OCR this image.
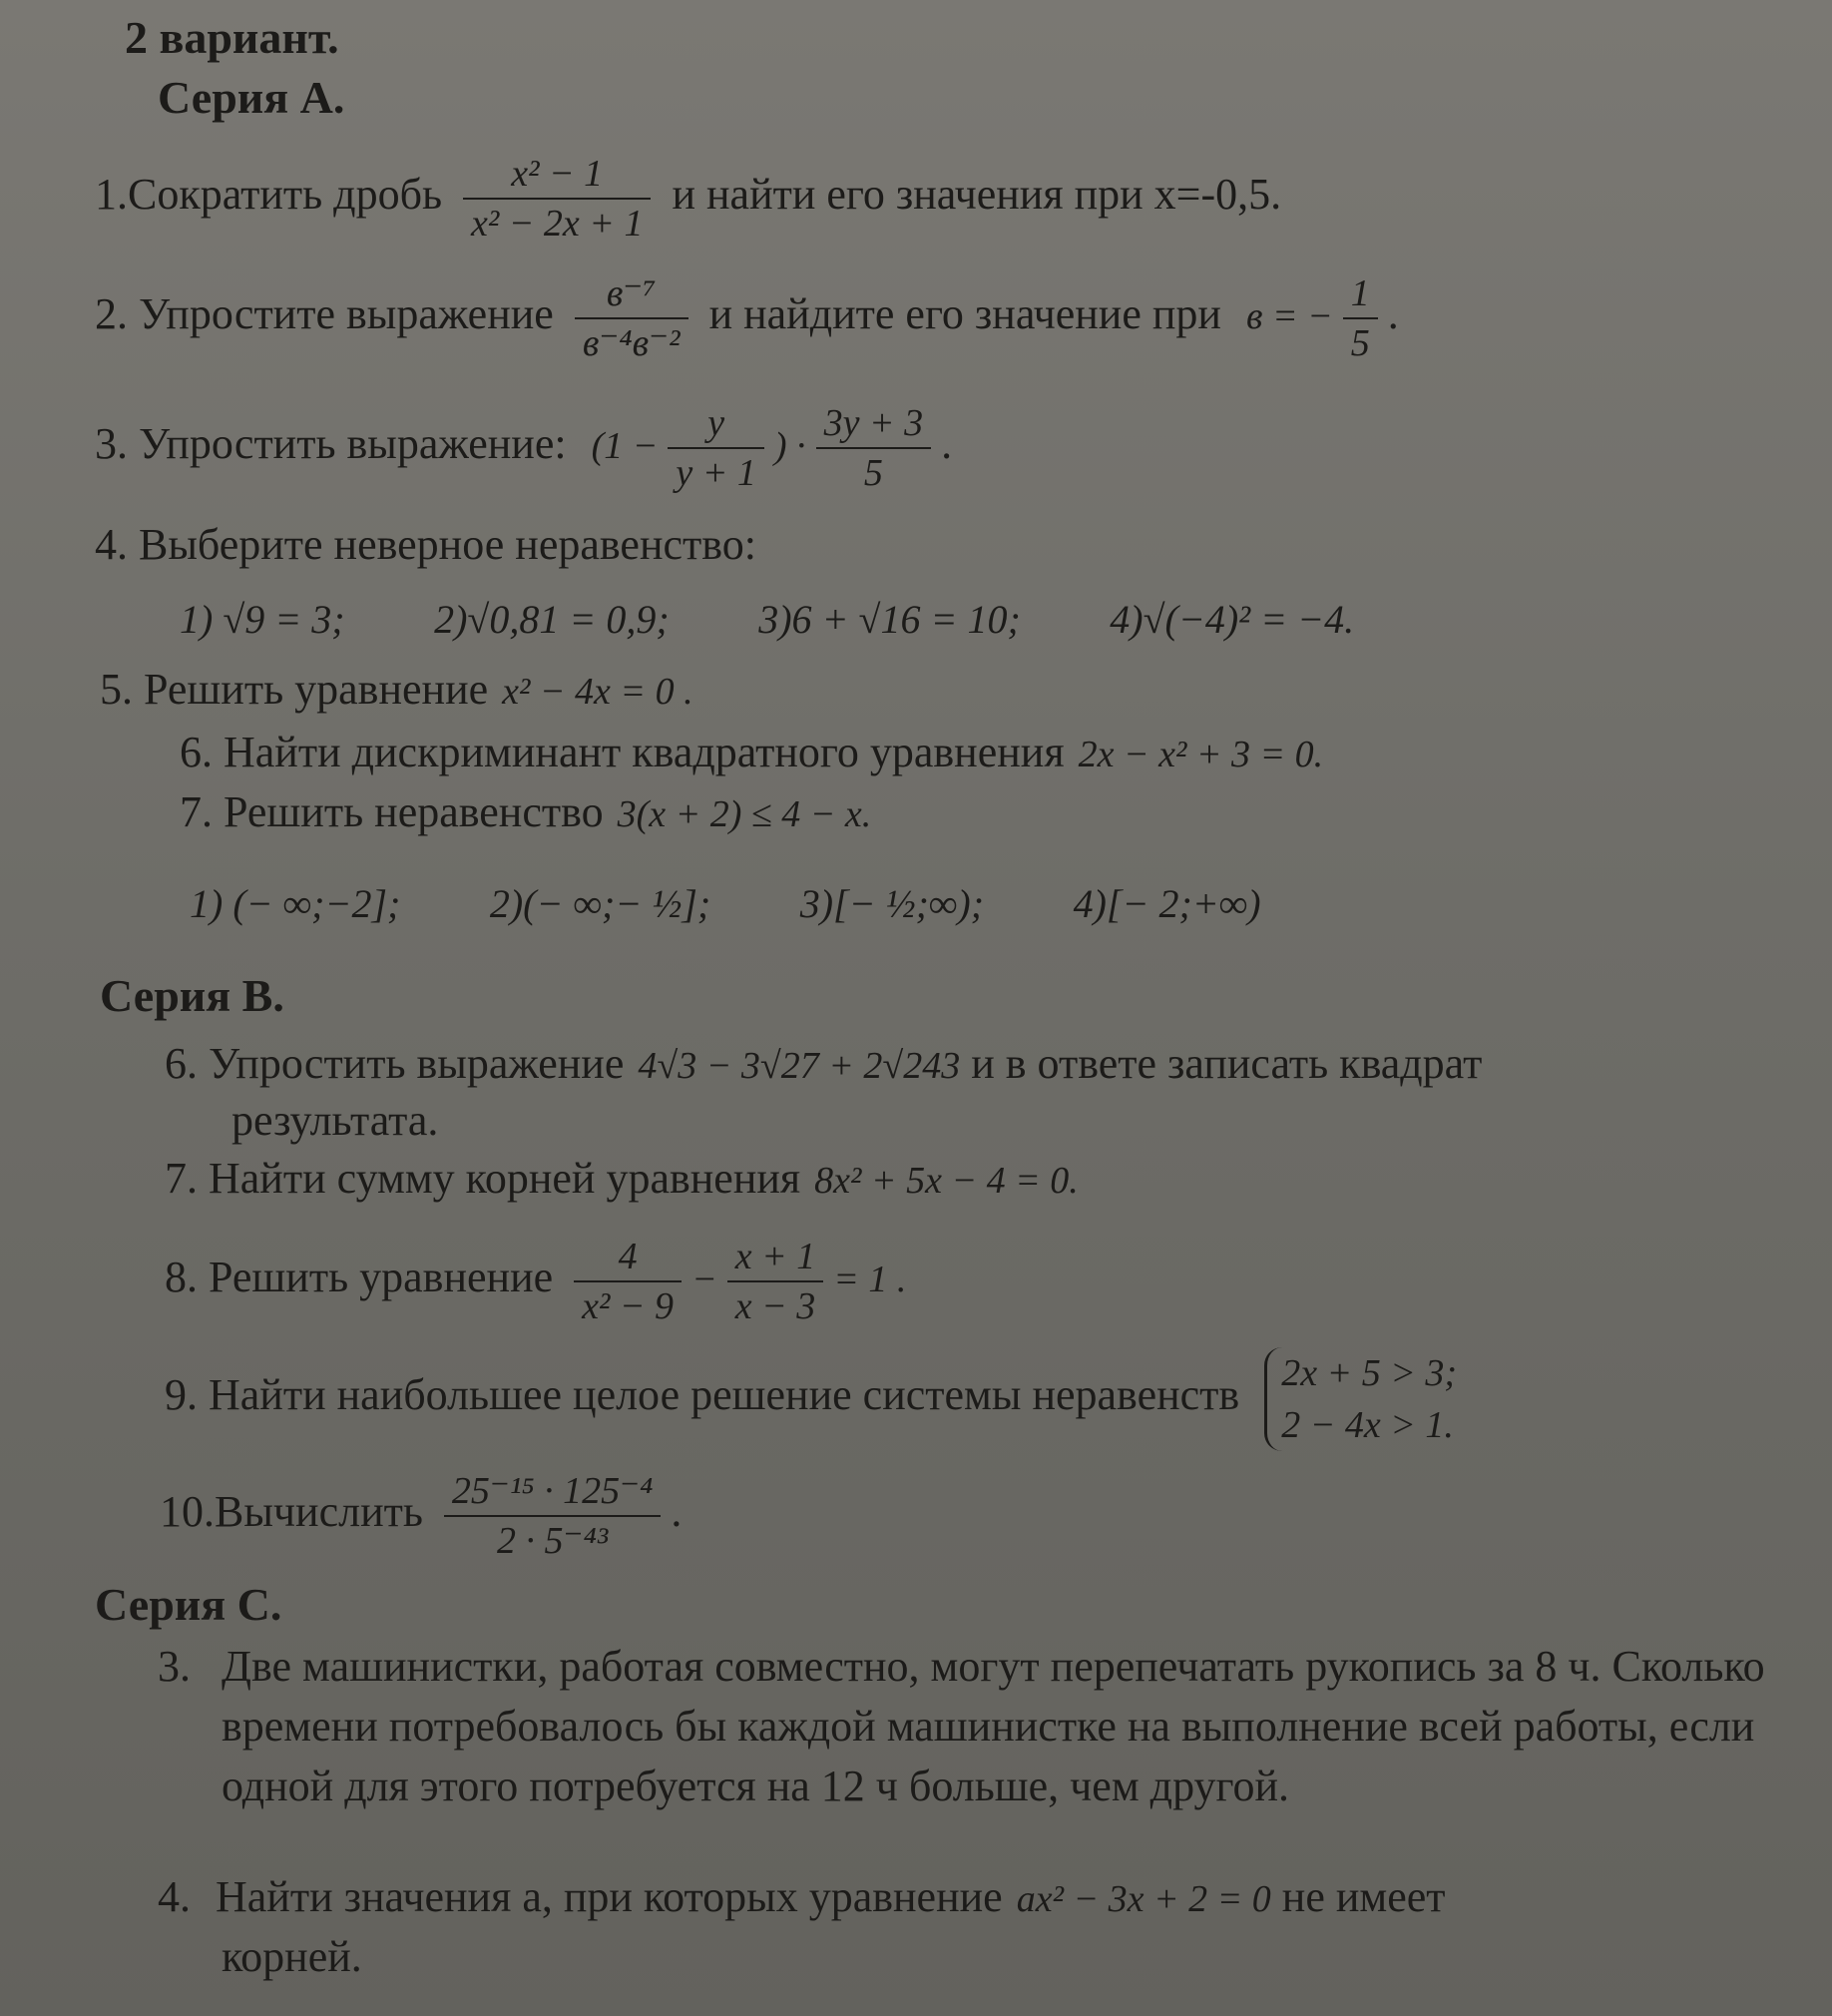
2 вариант.
Серия А.
1.Сократить дробь $\frac{\text{x² − 1}}{\text{x² − 2x + 1}}$ и найти его значения при х=-0,5.
2. Упростите выражение $\frac{\text{в⁻⁷}}{\text{в⁻⁴в⁻²}}$ и найдите его значение при в = − $\frac{1}{5}$ .
3. Упростить выражение: ($1 - \frac{y}{y + 1}$ ) · $\frac{3y + 3}{5}$ .
4. Выберите неверное неравенство:
1) √9 = 3; 2)√0,81 = 0,9; 3)6 + √16 = 10; 4)√(−4)² = −4.
5. Решить уравнение x² − 4x = 0 .
6. Найти дискриминант квадратного уравнения 2x − x² + 3 = 0.
7. Решить неравенство 3(x + 2) ≤ 4 − x.
1) (− ∞;−2]; 2)(− ∞;− ½]; 3)[− ½;∞); 4)[− 2;+∞)
Серия В.
6. Упростить выражение 4√3 − 3√27 + 2√243 и в ответе записать квадрат
результата.
7. Найти сумму корней уравнения 8x² + 5x − 4 = 0.
8. Решить уравнение $\frac{4}{\text{x² − 9}} - \frac{x + 1}{x - 3} = 1$ .
9. Найти наибольшее целое решение системы неравенств 2x + 5 > 3;
2 − 4x > 1.
10.Вычислить $\frac{\text{25⁻¹⁵ · 125⁻⁴}}{\text{2 · 5⁻⁴³}}$ .
Серия С.
3. Две машинистки, работая совместно, могут перепечатать рукопись за 8 ч. Сколько времени потребовалось бы каждой машинистке на выполнение всей работы, если одной для этого потребуется на 12 ч больше, чем другой.
4. Найти значения а, при которых уравнение ax² − 3x + 2 = 0 не имеет
корней.
